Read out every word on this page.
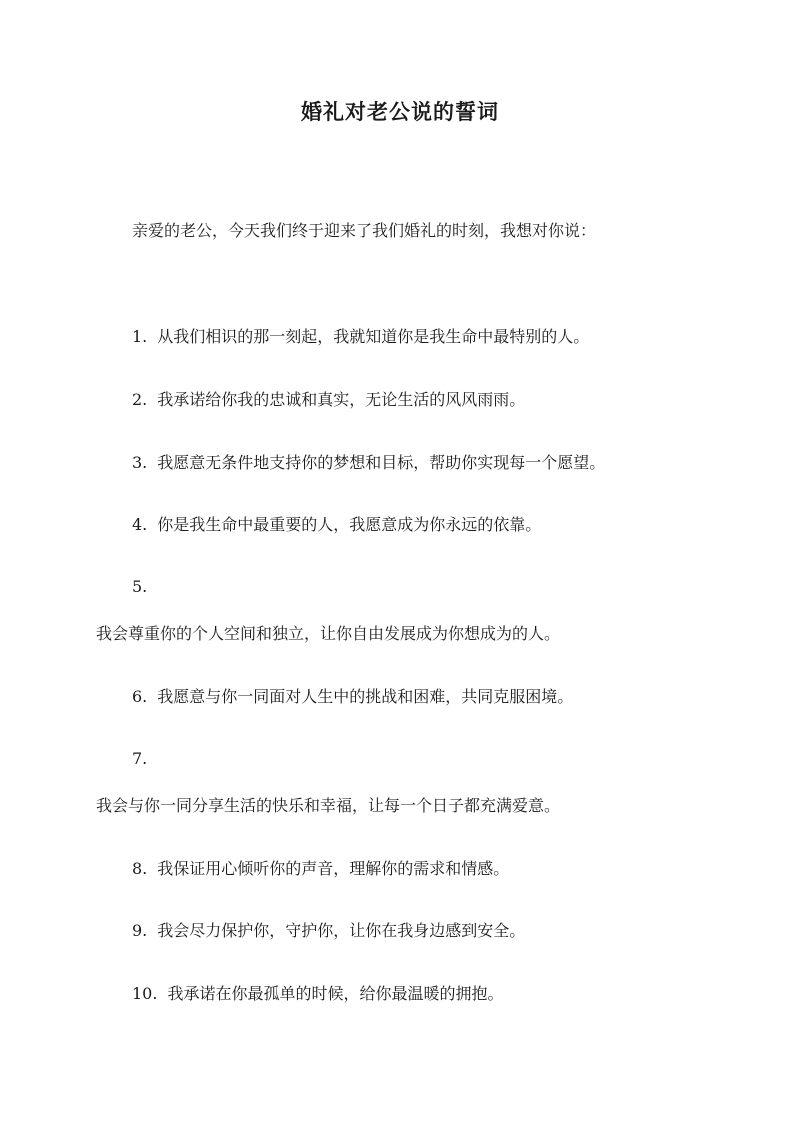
婚礼对老公说的誓词

亲爱的老公，今天我们终于迎来了我们婚礼的时刻，我想对你说：

1. 从我们相识的那一刻起，我就知道你是我生命中最特别的人。

2. 我承诺给你我的忠诚和真实，无论生活的风风雨雨。

3. 我愿意无条件地支持你的梦想和目标，帮助你实现每一个愿望。

4. 你是我生命中最重要的人，我愿意成为你永远的依靠。

5.

我会尊重你的个人空间和独立，让你自由发展成为你想成为的人。

6. 我愿意与你一同面对人生中的挑战和困难，共同克服困境。

7.

我会与你一同分享生活的快乐和幸福，让每一个日子都充满爱意。

8. 我保证用心倾听你的声音，理解你的需求和情感。

9. 我会尽力保护你，守护你，让你在我身边感到安全。

10. 我承诺在你最孤单的时候，给你最温暖的拥抱。
